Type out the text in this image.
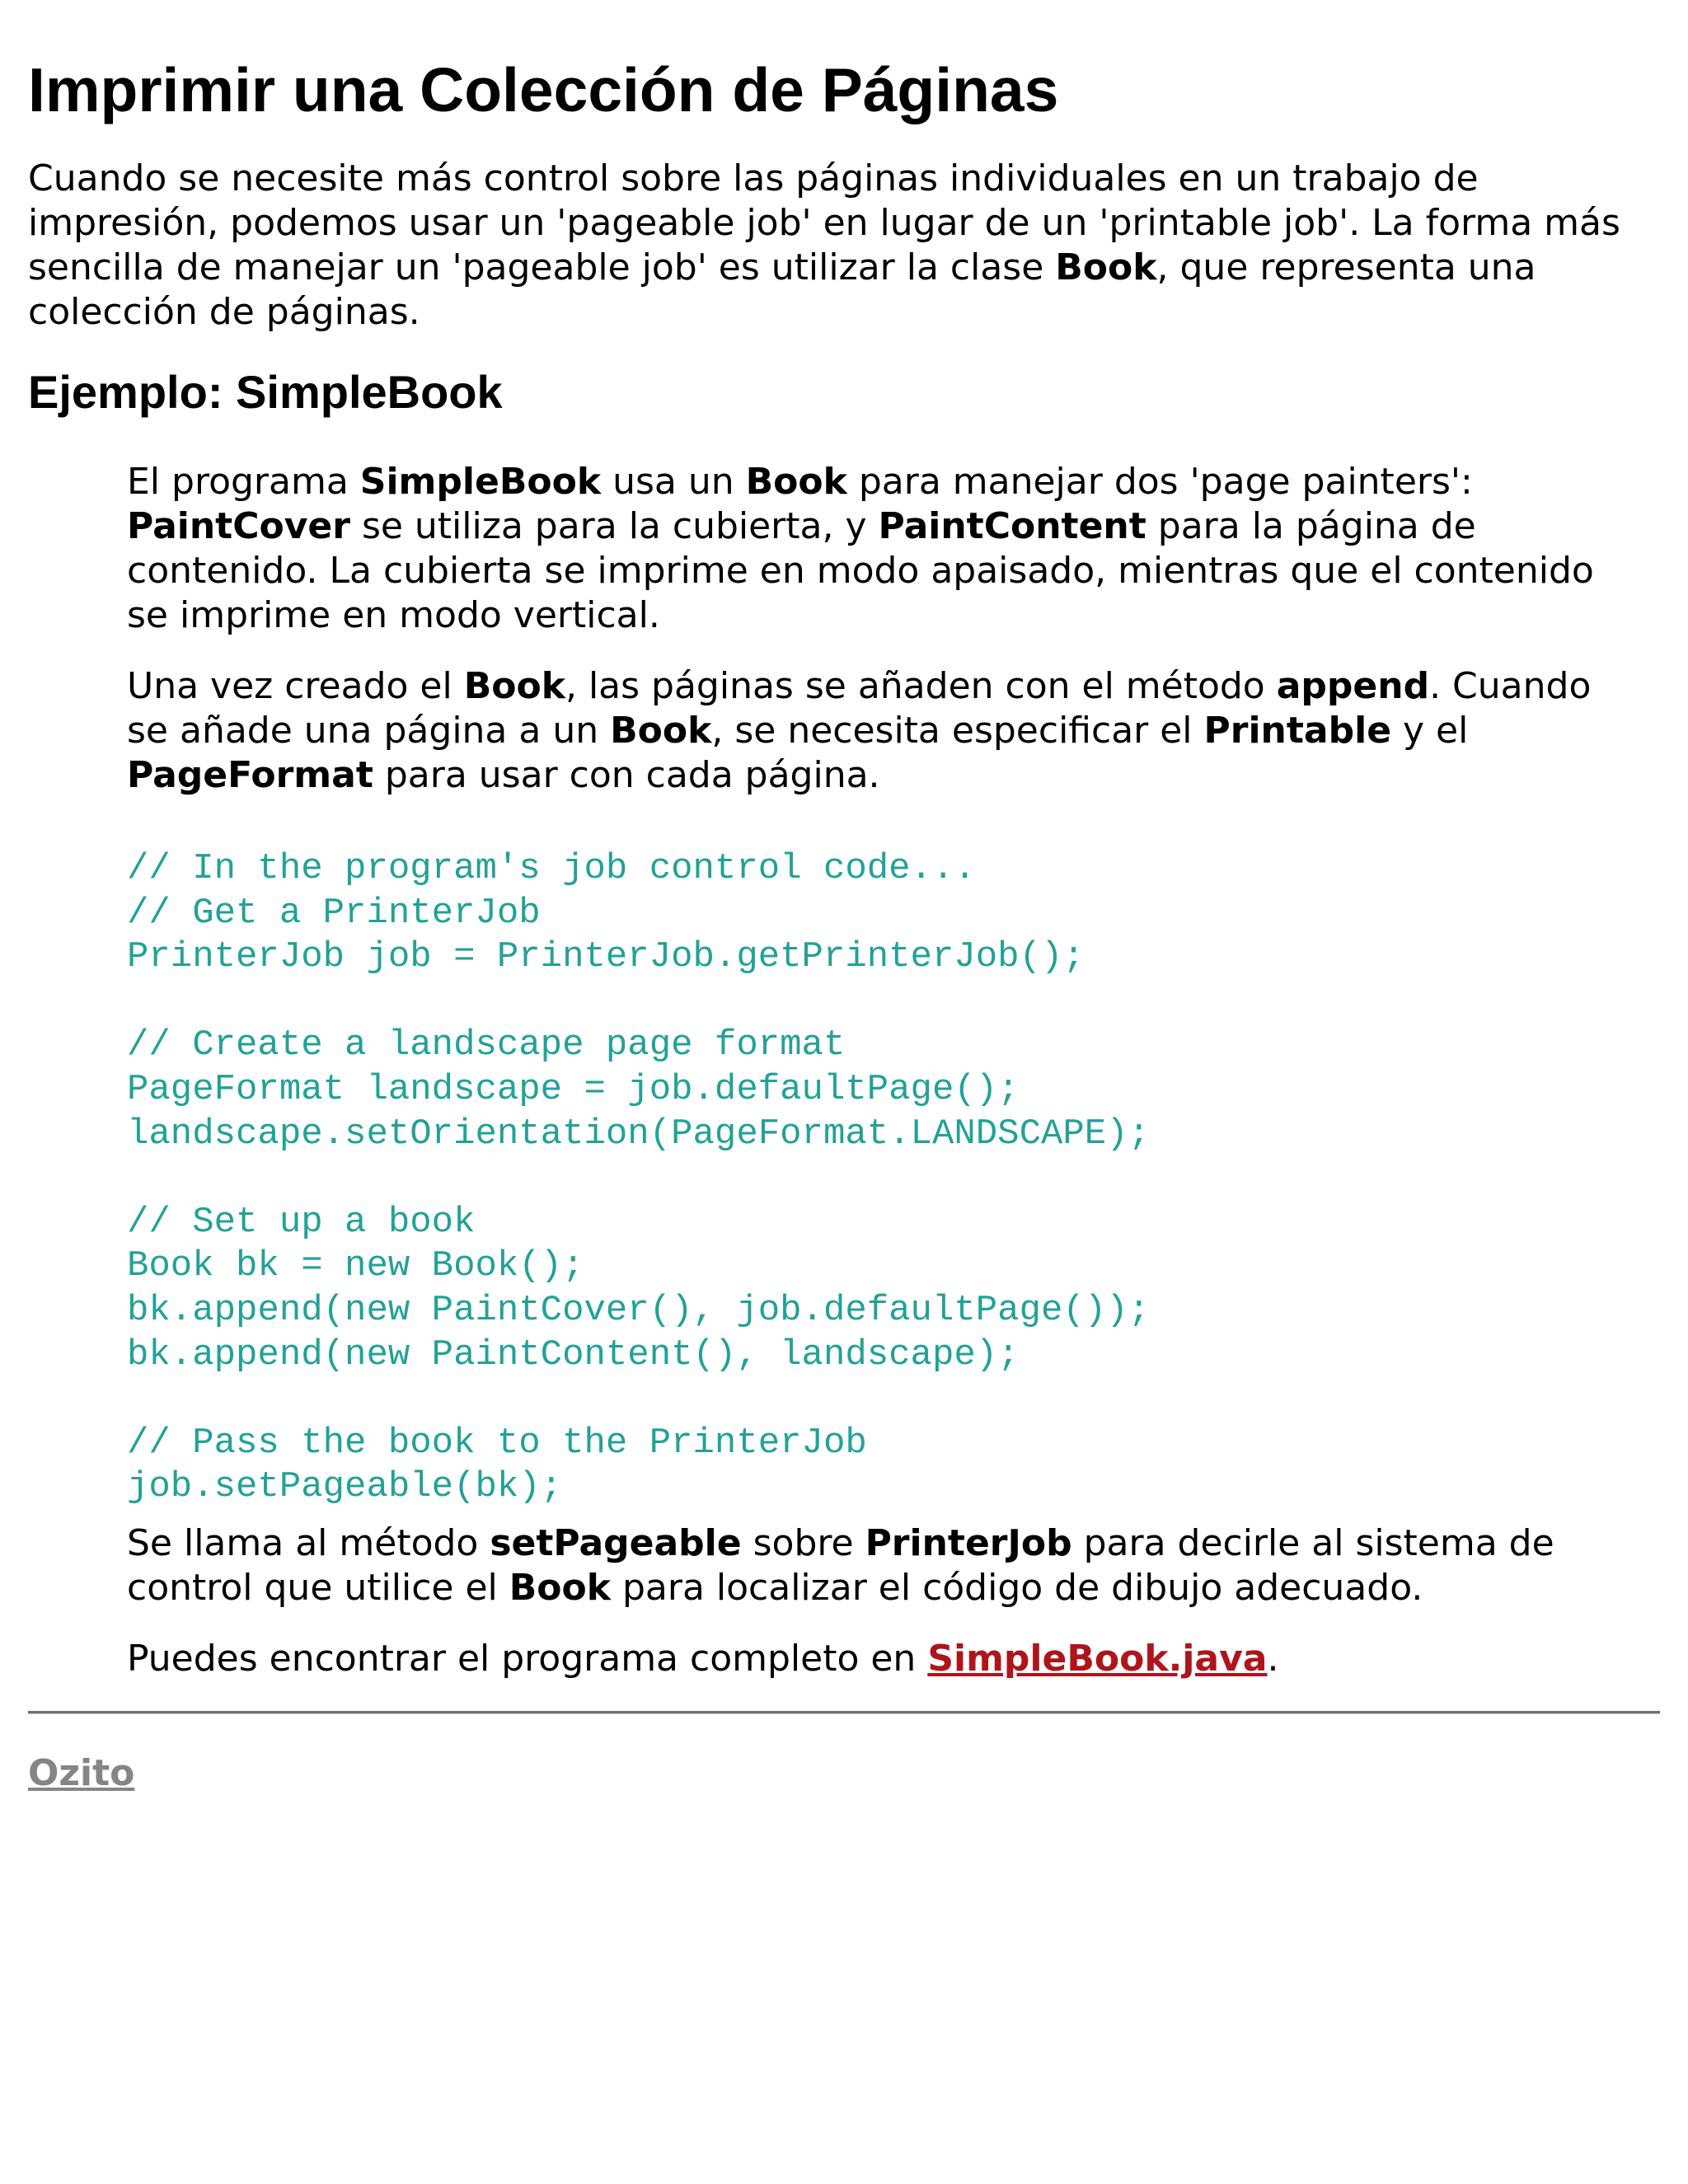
Imprimir una Colección de Páginas

Cuando se necesite más control sobre las páginas individuales en un trabajo de impresión, podemos usar un 'pageable job' en lugar de un 'printable job'. La forma más sencilla de manejar un 'pageable job' es utilizar la clase Book, que representa una colección de páginas.

Ejemplo: SimpleBook

El programa SimpleBook usa un Book para manejar dos 'page painters': PaintCover se utiliza para la cubierta, y PaintContent para la página de contenido. La cubierta se imprime en modo apaisado, mientras que el contenido se imprime en modo vertical.

Una vez creado el Book, las páginas se añaden con el método append. Cuando se añade una página a un Book, se necesita especificar el Printable y el PageFormat para usar con cada página.

// In the program's job control code...
// Get a PrinterJob
PrinterJob job = PrinterJob.getPrinterJob();

// Create a landscape page format
PageFormat landscape = job.defaultPage();
landscape.setOrientation(PageFormat.LANDSCAPE);

// Set up a book
Book bk = new Book();
bk.append(new PaintCover(), job.defaultPage());
bk.append(new PaintContent(), landscape);

// Pass the book to the PrinterJob
job.setPageable(bk);

Se llama al método setPageable sobre PrinterJob para decirle al sistema de control que utilice el Book para localizar el código de dibujo adecuado.

Puedes encontrar el programa completo en SimpleBook.java.

Ozito
